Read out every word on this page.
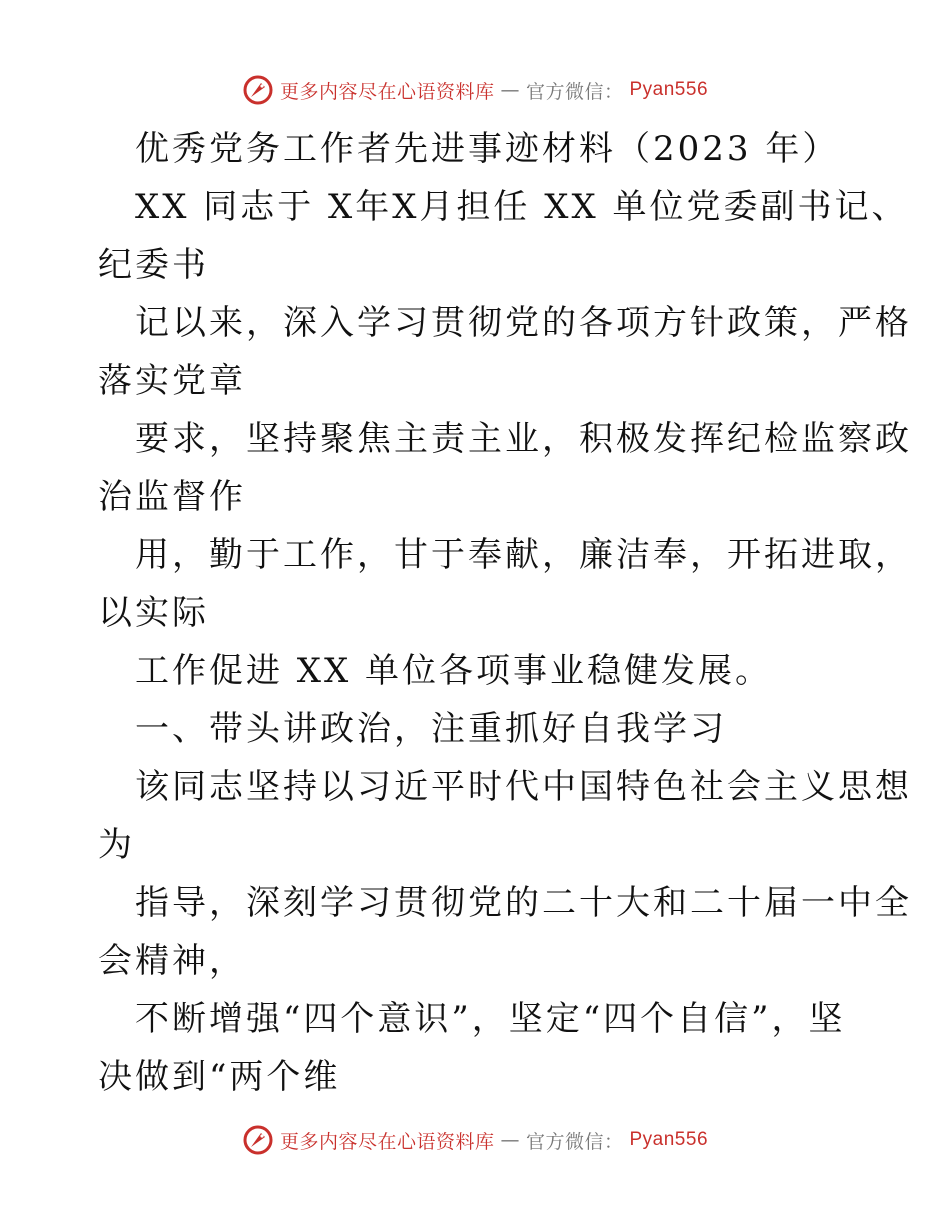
更多内容尽在心语资料库 — 官方微信： Pyan556
优秀党务工作者先进事迹材料（2023 年）
XX 同志于 X年X月担任 XX 单位党委副书记、
纪委书
记以来，深入学习贯彻党的各项方针政策，严格
落实党章
要求，坚持聚焦主责主业，积极发挥纪检监察政
治监督作
用，勤于工作，甘于奉献，廉洁奉，开拓进取，
以实际
工作促进 XX 单位各项事业稳健发展。
一、带头讲政治，注重抓好自我学习
该同志坚持以习近平时代中国特色社会主义思想
为
指导，深刻学习贯彻党的二十大和二十届一中全
会精神，
不断增强“四个意识”，坚定“四个自信”，坚
决做到“两个维
更多内容尽在心语资料库 — 官方微信： Pyan556
